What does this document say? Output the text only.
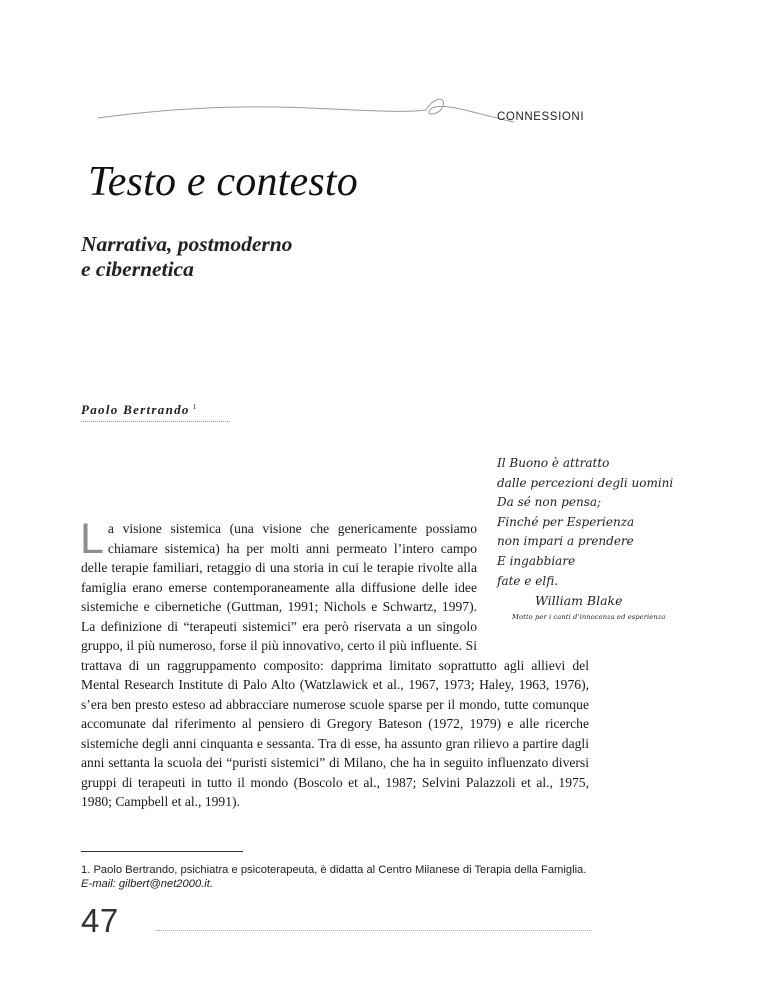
CONNESSIONI
Testo e contesto
Narrativa, postmoderno
e cibernetica
Paolo Bertrando $^1$
Il Buono è attratto
dalle percezioni degli uomini
Da sé non pensa;
Finché per Esperienza
non impari a prendere
E ingabbiare
fate e elfi.
William Blake
Motto per i canti d’innocenza ed esperienza
L a visione sistemica (una visione che genericamente possiamo chiamare sistemica) ha per molti anni permeato l’intero campo delle terapie familiari, retaggio di una storia in cui le terapie rivolte alla famiglia erano emerse contemporaneamente alla diffusione delle idee sistemiche e cibernetiche (Guttman, 1991; Nichols e Schwartz, 1997). La definizione di “terapeuti sistemici” era però riservata a un singolo gruppo, il più numeroso, forse il più innovativo, certo il più influente. Si trattava di un raggruppamento composito: dapprima limitato soprattutto agli allievi del Mental Research Institute di Palo Alto (Watzlawick et al., 1967, 1973; Haley, 1963, 1976), s’era ben presto esteso ad abbracciare numerose scuole sparse per il mondo, tutte comunque accomunate dal riferimento al pensiero di Gregory Bateson (1972, 1979) e alle ricerche sistemiche degli anni cinquanta e sessanta. Tra di esse, ha assunto gran rilievo a partire dagli anni settanta la scuola dei “puristi sistemici” di Milano, che ha in seguito influenzato diversi gruppi di terapeuti in tutto il mondo (Boscolo et al., 1987; Selvini Palazzoli et al., 1975, 1980; Campbell et al., 1991).
1. Paolo Bertrando, psichiatra e psicoterapeuta, è didatta al Centro Milanese di Terapia della Famiglia. E-mail: gilbert@net2000.it.
47
